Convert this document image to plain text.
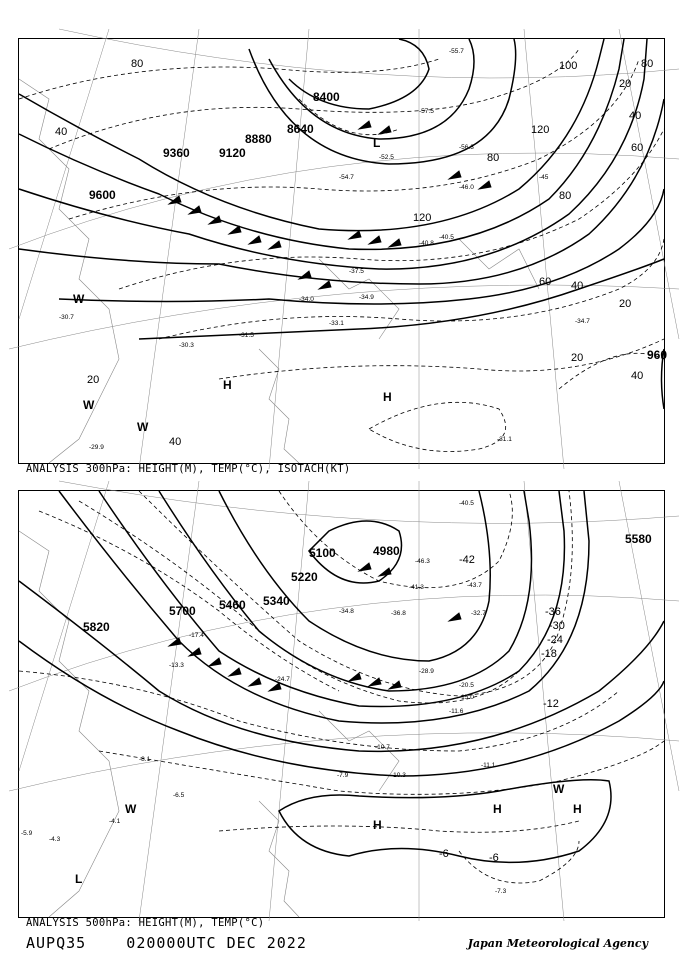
8400
8640
8880
9120
9360
9600
960
80
40
20
100
120
80
60 40
20
60
40
20
20
40
80
120
80
40
H
H
W
W
W
L
-55.7
-57.5
-56.3
-54.7
-52.5
-46.0
-40.8
-37.5
-34.9
-34.0
-33.1
-31.5
-30.3
-30.7
-29.9
-31.1
-34.7
-40.5
-45
ANALYSIS 300hPa: HEIGHT(M), TEMP(°C), ISOTACH(KT)
5100	4980
5220
5340
5460
5580
5700
5820
-42
-36
-30
-24
-18
-12
-6	-6
H
H	H
L
W
W
-40.5
-41.3
-46.3
-43.7
-36.8
-34.8	-32.7
-28.9
-20.5
-15.0
-11.6
-10.7
-7.9	-10.3
-11.1
-5.9
-4.3
-7.3
-8.1
-6.5
-4.1
-13.3
-17.4
-24.7
ANALYSIS 500hPa: HEIGHT(M), TEMP(°C)
AUPQ35    020000UTC DEC 2022	Japan Meteorological Agency
